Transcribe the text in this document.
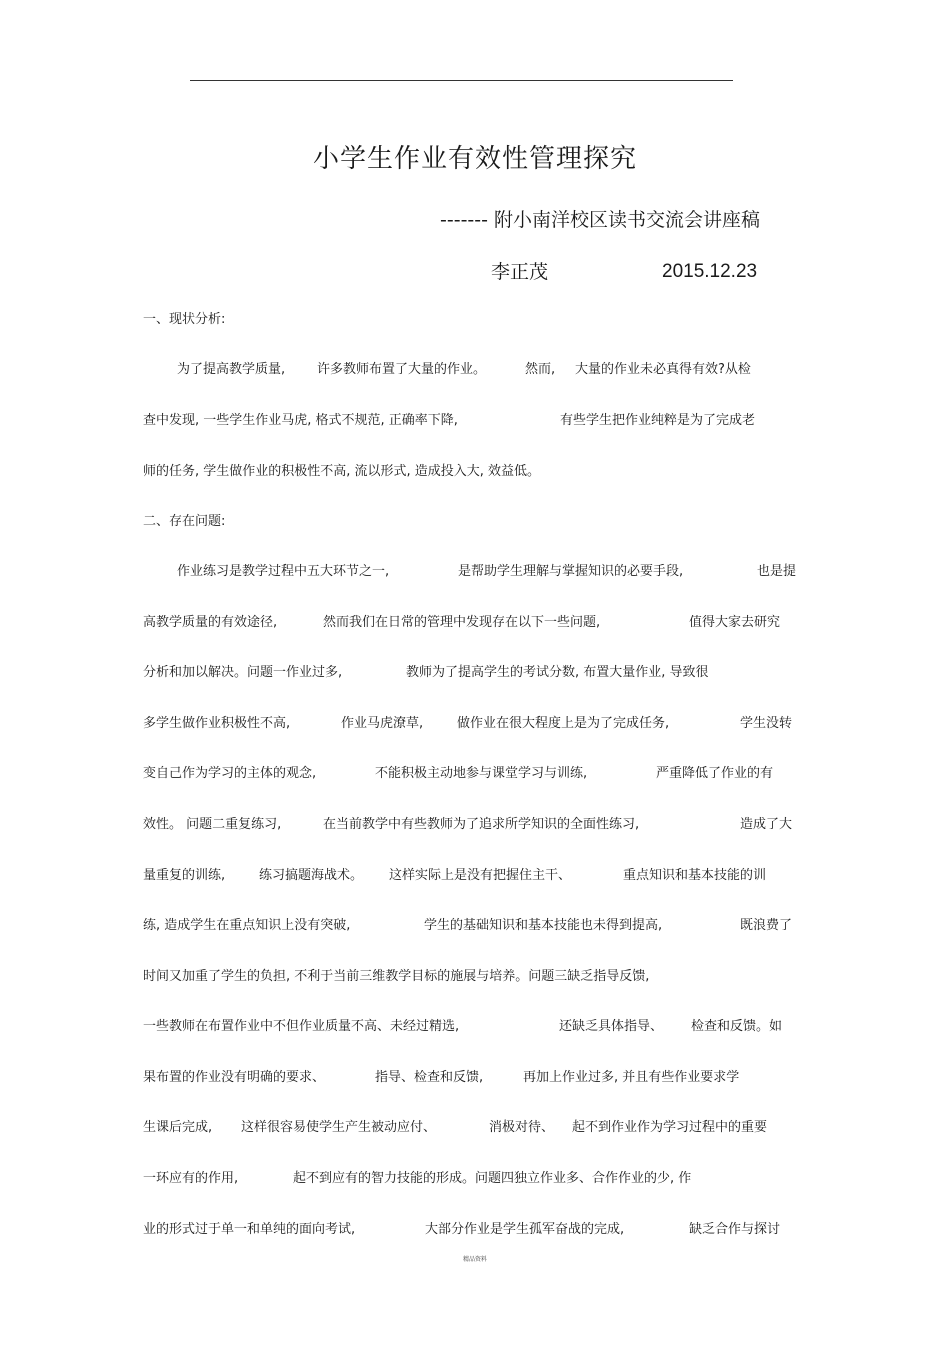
小学生作业有效性管理探究
------- 附小南洋校区读书交流会讲座稿
李正茂	2015.12.23
一、现状分析:
为了提高教学质量, 许多教师布置了大量的作业。	然而, 大量的作业未必真得有效?从检
查中发现, 一些学生作业马虎, 格式不规范, 正确率下降,	有些学生把作业纯粹是为了完成老
师的任务, 学生做作业的积极性不高, 流以形式, 造成投入大, 效益低。
二、存在问题:
作业练习是教学过程中五大环节之一,	是帮助学生理解与掌握知识的必要手段,	也是提
高教学质量的有效途径,	然而我们在日常的管理中发现存在以下一些问题,	值得大家去研究
分析和加以解决。问题一作业过多,	教师为了提高学生的考试分数, 布置大量作业, 导致很
多学生做作业积极性不高,	作业马虎潦草,	做作业在很大程度上是为了完成任务,	学生没转
变自己作为学习的主体的观念,	不能积极主动地参与课堂学习与训练,	严重降低了作业的有
效性。 问题二重复练习,	在当前教学中有些教师为了追求所学知识的全面性练习,	造成了大
量重复的训练,	练习搞题海战术。 这样实际上是没有把握住主干、	重点知识和基本技能的训
练, 造成学生在重点知识上没有突破,	学生的基础知识和基本技能也未得到提高,	既浪费了
时间又加重了学生的负担, 不利于当前三维教学目标的施展与培养。问题三缺乏指导反馈,
一些教师在布置作业中不但作业质量不高、未经过精选,	还缺乏具体指导、 检查和反馈。如
果布置的作业没有明确的要求、	指导、检查和反馈,	再加上作业过多, 并且有些作业要求学
生课后完成, 这样很容易使学生产生被动应付、	消极对待、 起不到作业作为学习过程中的重要
一环应有的作用,	起不到应有的智力技能的形成。问题四独立作业多、合作作业的少, 作
业的形式过于单一和单纯的面向考试,	大部分作业是学生孤军奋战的完成,	缺乏合作与探讨
精品资料
